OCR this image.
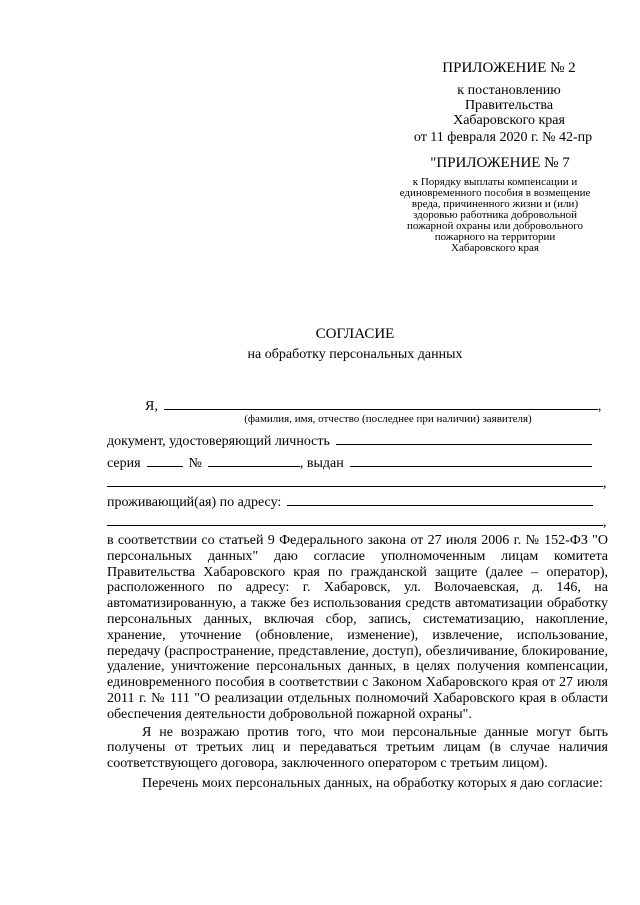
ПРИЛОЖЕНИЕ № 2
к постановлению
Правительства
Хабаровского края
от 11 февраля 2020 г. № 42-пр
"ПРИЛОЖЕНИЕ № 7
к Порядку выплаты компенсации и
единовременного пособия в возмещение
вреда, причиненного жизни и (или)
здоровью работника добровольной
пожарной охраны или добровольного
пожарного на территории
Хабаровского края
СОГЛАСИЕ
на обработку персональных данных
Я,	,
(фамилия, имя, отчество (последнее при наличии) заявителя)
документ, удостоверяющий личность
серия	№	, выдан
,
проживающий(ая) по адресу:
,

в соответствии со статьей 9 Федерального закона от 27 июля 2006 г. № 152-ФЗ "О персональных данных" даю согласие уполномоченным лицам комитета Правительства Хабаровского края по гражданской защите (далее – оператор), расположенного по адресу: г. Хабаровск, ул. Волочаевская, д. 146, на автоматизированную, а также без использования средств автоматизации обработку персональных данных, включая сбор, запись, систематизацию, накопление, хранение, уточнение (обновление, изменение), извлечение, использование, передачу (распространение, представление, доступ), обезличивание, блокирование, удаление, уничтожение персональных данных, в целях получения компенсации, единовременного пособия в соответствии с Законом Хабаровского края от 27 июля 2011 г. № 111 "О реализации отдельных полномочий Хабаровского края в области обеспечения деятельности добровольной пожарной охраны".

Я не возражаю против того, что мои персональные данные могут быть получены от третьих лиц и передаваться третьим лицам (в случае наличия соответствующего договора, заключенного оператором с третьим лицом).

Перечень моих персональных данных, на обработку которых я даю согласие:
